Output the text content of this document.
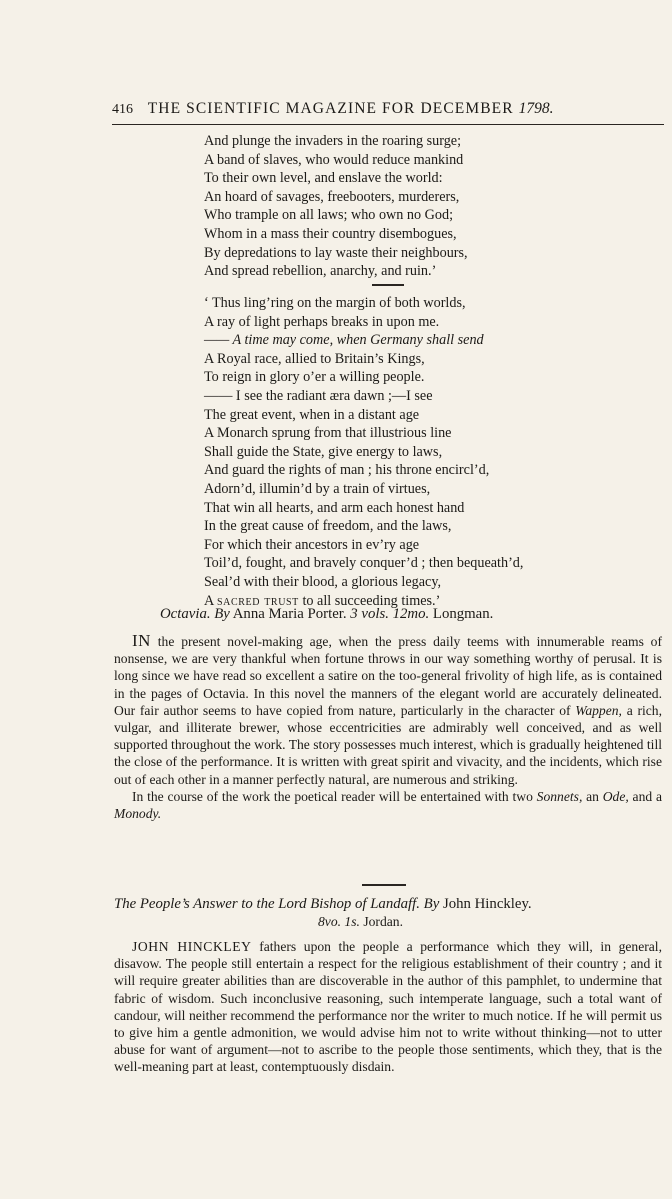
416 THE SCIENTIFIC MAGAZINE FOR DECEMBER 1798.
And plunge the invaders in the roaring surge;
A band of slaves, who would reduce mankind
To their own level, and enslave the world:
An hoard of savages, freebooters, murderers,
Who trample on all laws; who own no God;
Whom in a mass their country disembogues,
By depredations to lay waste their neighbours,
And spread rebellion, anarchy, and ruin.’
‘ Thus ling’ring on the margin of both worlds,
A ray of light perhaps breaks in upon me.
—— A time may come, when Germany shall send
A Royal race, allied to Britain’s Kings,
To reign in glory o’er a willing people.
—— I see the radiant æra dawn ;—I see
The great event, when in a distant age
A Monarch sprung from that illustrious line
Shall guide the State, give energy to laws,
And guard the rights of man ; his throne encircl’d,
Adorn’d, illumin’d by a train of virtues,
That win all hearts, and arm each honest hand
In the great cause of freedom, and the laws,
For which their ancestors in ev’ry age
Toil’d, fought, and bravely conquer’d ; then bequeath’d,
Seal’d with their blood, a glorious legacy,
A sacred trust to all succeeding times.’
Octavia. By Anna Maria Porter. 3 vols. 12mo. Longman.

IN the present novel-making age, when the press daily teems with innumerable reams of nonsense, we are very thankful when fortune throws in our way something worthy of perusal. It is long since we have read so excellent a satire on the too-general frivolity of high life, as is contained in the pages of Octavia. In this novel the manners of the elegant world are accurately delineated. Our fair author seems to have copied from nature, particularly in the character of Wappen, a rich, vulgar, and illiterate brewer, whose eccentricities are admirably well conceived, and as well supported throughout the work. The story possesses much interest, which is gradually heightened till the close of the performance. It is written with great spirit and vivacity, and the incidents, which rise out of each other in a manner perfectly natural, are numerous and striking.

In the course of the work the poetical reader will be entertained with two Sonnets, an Ode, and a Monody.

The People’s Answer to the Lord Bishop of Landaff. By John Hinckley.
8vo. 1s. Jordan.

JOHN HINCKLEY fathers upon the people a performance which they will, in general, disavow. The people still entertain a respect for the religious establishment of their country ; and it will require greater abilities than are discoverable in the author of this pamphlet, to undermine that fabric of wisdom. Such inconclusive reasoning, such intemperate language, such a total want of candour, will neither recommend the performance nor the writer to much notice. If he will permit us to give him a gentle admonition, we would advise him not to write without thinking—not to utter abuse for want of argument—not to ascribe to the people those sentiments, which they, that is the well-meaning part at least, contemptuously disdain.
